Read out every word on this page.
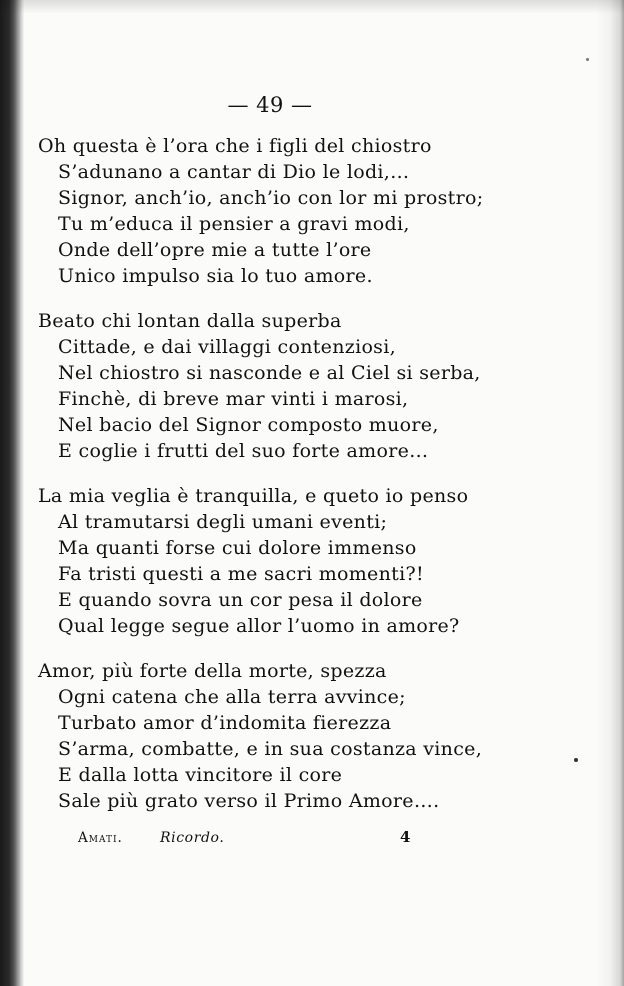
— 49 —
Oh questa è l’ora che i figli del chiostro
S’adunano a cantar di Dio le lodi,…
Signor, anch’io, anch’io con lor mi prostro;
Tu m’educa il pensier a gravi modi,
Onde dell’opre mie a tutte l’ore
Unico impulso sia lo tuo amore.
Beato chi lontan dalla superba
Cittade, e dai villaggi contenziosi,
Nel chiostro si nasconde e al Ciel si serba,
Finchè, di breve mar vinti i marosi,
Nel bacio del Signor composto muore,
E coglie i frutti del suo forte amore…
La mia veglia è tranquilla, e queto io penso
Al tramutarsi degli umani eventi;
Ma quanti forse cui dolore immenso
Fa tristi questi a me sacri momenti?!
E quando sovra un cor pesa il dolore
Qual legge segue allor l’uomo in amore?
Amor, più forte della morte, spezza
Ogni catena che alla terra avvince;
Turbato amor d’indomita fierezza
S’arma, combatte, e in sua costanza vince,
E dalla lotta vincitore il core
Sale più grato verso il Primo Amore….
Amati.	Ricordo.	4
